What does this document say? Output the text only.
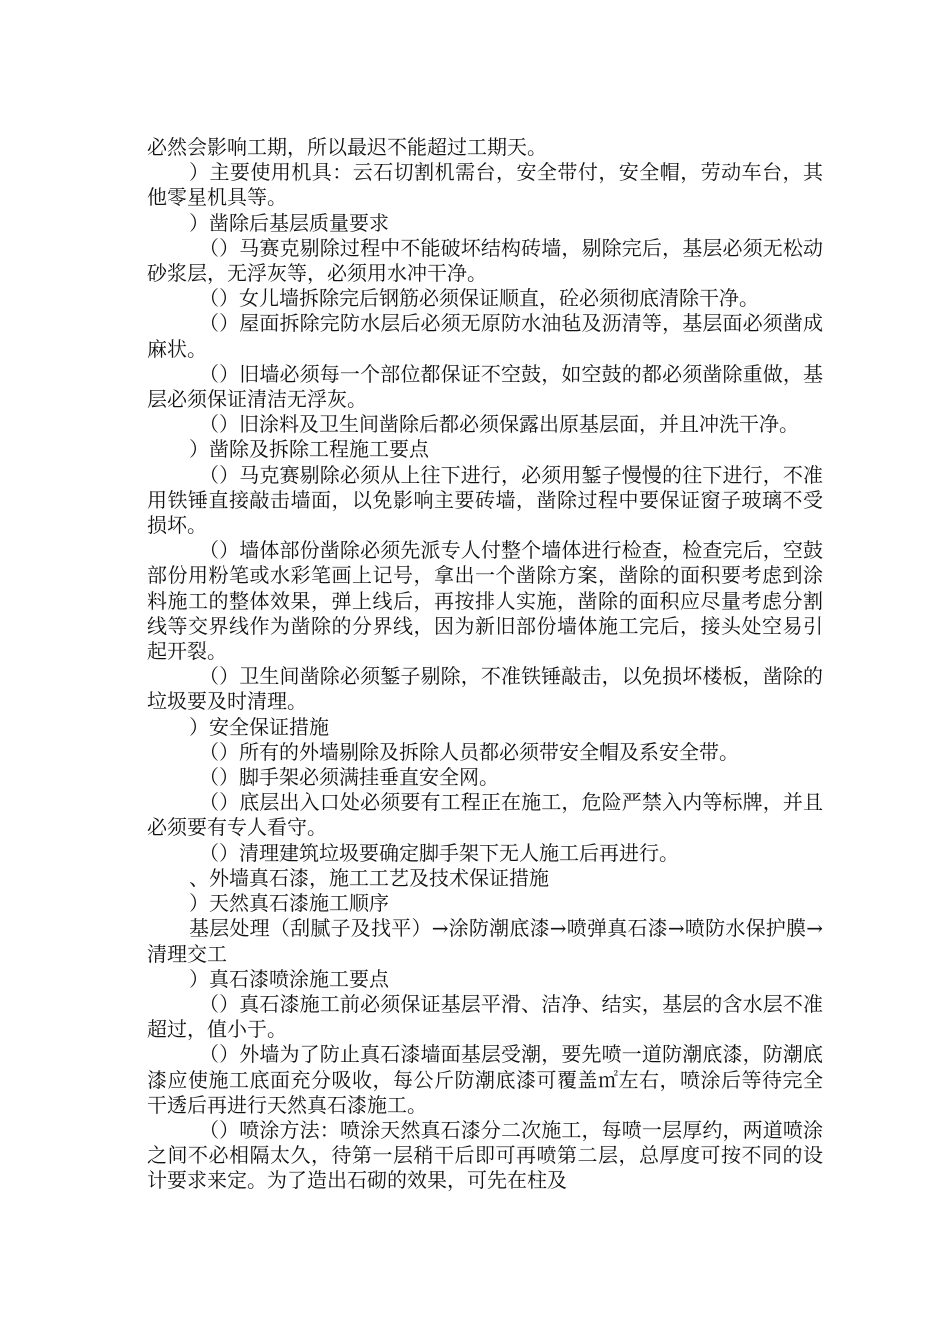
必然会影响工期，所以最迟不能超过工期天。

）主要使用机具：云石切割机需台，安全带付，安全帽，劳动车台，其他零星机具等。

）凿除后基层质量要求

（）马赛克剔除过程中不能破坏结构砖墙，剔除完后，基层必须无松动砂浆层，无浮灰等，必须用水冲干净。

（）女儿墙拆除完后钢筋必须保证顺直，砼必须彻底清除干净。

（）屋面拆除完防水层后必须无原防水油毡及沥清等，基层面必须凿成麻状。

（）旧墙必须每一个部位都保证不空鼓，如空鼓的都必须凿除重做，基层必须保证清洁无浮灰。

（）旧涂料及卫生间凿除后都必须保露出原基层面，并且冲洗干净。

）凿除及拆除工程施工要点

（）马克赛剔除必须从上往下进行，必须用錾子慢慢的往下进行，不准用铁锤直接敲击墙面，以免影响主要砖墙，凿除过程中要保证窗子玻璃不受损坏。

（）墙体部份凿除必须先派专人付整个墙体进行检查，检查完后，空鼓部份用粉笔或水彩笔画上记号，拿出一个凿除方案，凿除的面积要考虑到涂料施工的整体效果，弹上线后，再按排人实施，凿除的面积应尽量考虑分割线等交界线作为凿除的分界线，因为新旧部份墙体施工完后，接头处空易引起开裂。

（）卫生间凿除必须錾子剔除，不准铁锤敲击，以免损坏楼板，凿除的垃圾要及时清理。

）安全保证措施

（）所有的外墙剔除及拆除人员都必须带安全帽及系安全带。

（）脚手架必须满挂垂直安全网。

（）底层出入口处必须要有工程正在施工，危险严禁入内等标牌，并且必须要有专人看守。

（）清理建筑垃圾要确定脚手架下无人施工后再进行。

、外墙真石漆，施工工艺及技术保证措施

）天然真石漆施工顺序

基层处理（刮腻子及找平）→涂防潮底漆→喷弹真石漆→喷防水保护膜→清理交工

）真石漆喷涂施工要点

（）真石漆施工前必须保证基层平滑、洁净、结实，基层的含水层不准超过，值小于。

（）外墙为了防止真石漆墙面基层受潮，要先喷一道防潮底漆，防潮底漆应使施工底面充分吸收，每公斤防潮底漆可覆盖㎡左右，喷涂后等待完全干透后再进行天然真石漆施工。

（）喷涂方法：喷涂天然真石漆分二次施工，每喷一层厚约，两道喷涂之间不必相隔太久，待第一层稍干后即可再喷第二层，总厚度可按不同的设计要求来定。为了造出石砌的效果，可先在柱及
